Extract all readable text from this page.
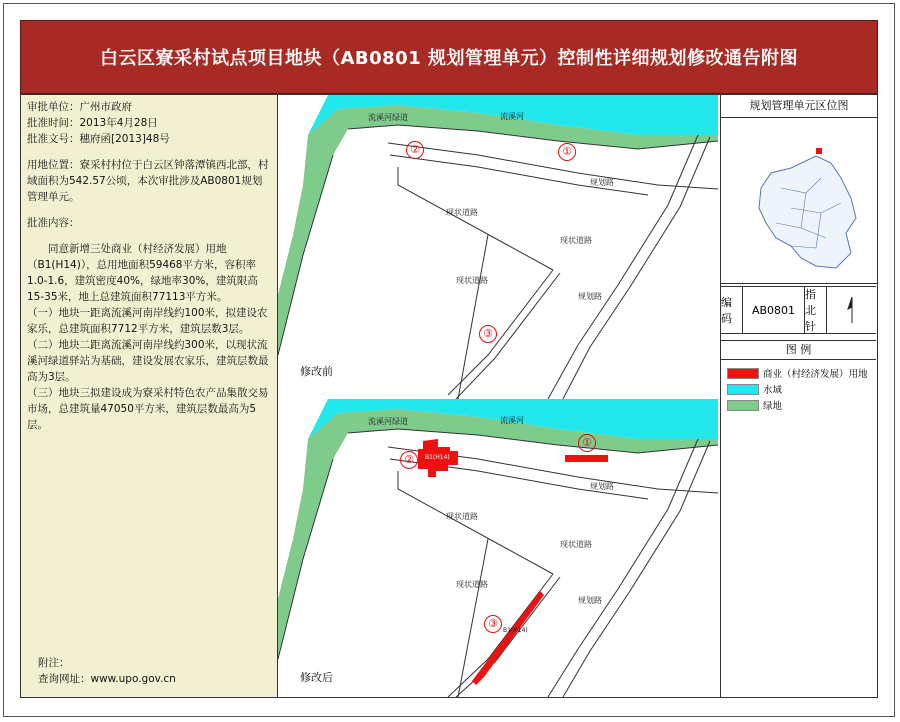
白云区寮采村试点项目地块（AB0801 规划管理单元）控制性详细规划修改通告附图

审批单位：广州市政府

批准时间：2013年4月28日

批准文号：穗府函[2013]48号

用地位置：寮采村村位于白云区钟落潭镇西北部，村域面积为542.57公顷，本次审批涉及AB0801规划管理单元。

批准内容：

同意新增三处商业（村经济发展）用地（B1(H14)），总用地面积59468平方米，容积率1.0-1.6，建筑密度40%，绿地率30%，建筑限高15-35米，地上总建筑面积77113平方米。

（一）地块一距离流溪河南岸线约100米，拟建设农家乐，总建筑面积7712平方米，建筑层数3层。

（二）地块二距离流溪河南岸线约300米，以现状流溪河绿道驿站为基础，建设发展农家乐，建筑层数最高为3层。

（三）地块三拟建设成为寮采村特色农产品集散交易市场，总建筑量47050平方米，建筑层数最高为5层。

附注：

查询网址：www.upo.gov.cn

流溪河绿道	流溪河
规划路
现状道路
现状道路
现状道路
规划路
①
②
③
修改前
流溪河绿道	流溪河
规划路
现状道路
现状道路
现状道路
规划路
B1(H14)
B1(H14)
①
②
③
修改后
规划管理单元区位图
编码
AB0801
指北针
图 例
商业（村经济发展）用地
水域
绿地
